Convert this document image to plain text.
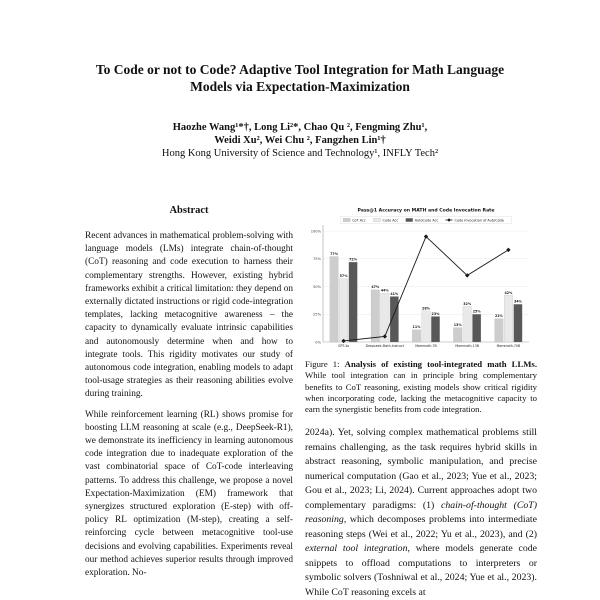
To Code or not to Code? Adaptive Tool Integration for Math Language
Models via Expectation-Maximization
Haozhe Wang¹*†, Long Li²*, Chao Qu ², Fengming Zhu¹,
Weidi Xu², Wei Chu ², Fangzhen Lin¹†
Hong Kong University of Science and Technology¹, INFLY Tech²
Abstract

Recent advances in mathematical problem-solving with language models (LMs) integrate chain-of-thought (CoT) reasoning and code execution to harness their complementary strengths. However, existing hybrid frameworks exhibit a critical limitation: they depend on externally dictated instructions or rigid code-integration templates, lacking metacognitive awareness – the capacity to dynamically evaluate intrinsic capabilities and autonomously determine when and how to integrate tools. This rigidity motivates our study of autonomous code integration, enabling models to adapt tool-usage strategies as their reasoning abilities evolve during training.

While reinforcement learning (RL) shows promise for boosting LLM reasoning at scale (e.g., DeepSeek-R1), we demonstrate its inefficiency in learning autonomous code integration due to inadequate exploration of the vast combinatorial space of CoT-code interleaving patterns. To address this challenge, we propose a novel Expectation-Maximization (EM) framework that synergizes structured exploration (E-step) with off-policy RL optimization (M-step), creating a self-reinforcing cycle between metacognitive tool-use decisions and evolving capabilities. Experiments reveal our method achieves superior results through improved exploration. No-

Pass@1 Accuracy on MATH and Code Invocation Rate
0%
25%
50%
75%
100%
77%
57%
72%
GPT-4o
47%
44%
41%
Deepseek-Math-Instruct
11%
28%
23%
Mammoth-7B
13%
32%
25%
Mammoth-13B
21%
42%
34%
Mammoth-70B
CoT Acc	Code Acc	AutoCode Acc	Code Invocation of AutoCode

Figure 1: Analysis of existing tool-integrated math LLMs. While tool integration can in principle bring complementary benefits to CoT reasoning, existing models show critical rigidity when incorporating code, lacking the metacognitive capacity to earn the synergistic benefits from code integration.

2024a). Yet, solving complex mathematical problems still remains challenging, as the task requires hybrid skills in abstract reasoning, symbolic manipulation, and precise numerical computation (Gao et al., 2023; Yue et al., 2023; Gou et al., 2023; Li, 2024). Current approaches adopt two complementary paradigms: (1) chain-of-thought (CoT) reasoning, which decomposes problems into intermediate reasoning steps (Wei et al., 2022; Yu et al., 2023), and (2) external tool integration, where models generate code snippets to offload computations to interpreters or symbolic solvers (Toshniwal et al., 2024; Yue et al., 2023). While CoT reasoning excels at
